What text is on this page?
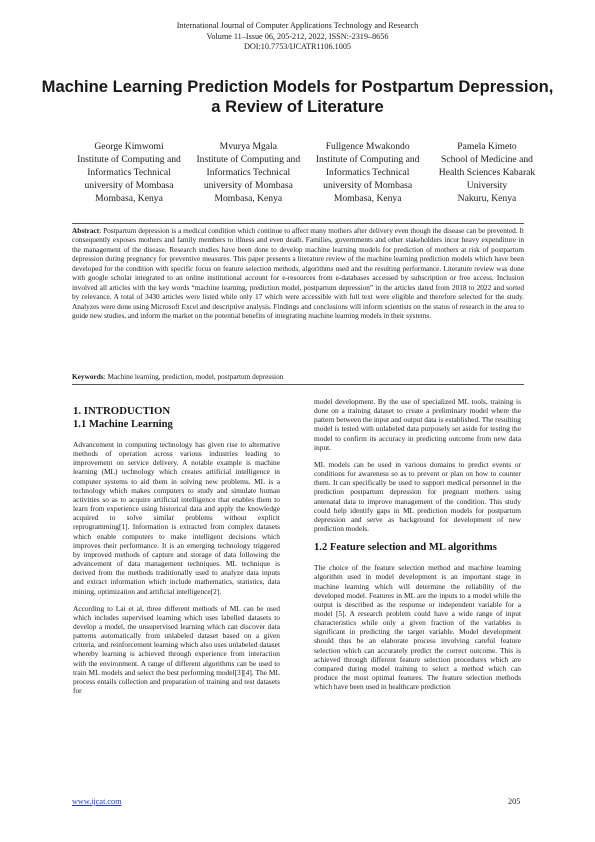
International Journal of Computer Applications Technology and Research
Volume 11–Issue 06, 205-212, 2022, ISSN:-2319–8656
DOI:10.7753/IJCATR1106.1005
Machine Learning Prediction Models for Postpartum Depression, a Review of Literature
George Kimwomi
Institute of Computing and Informatics Technical university of Mombasa
Mombasa, Kenya
Mvurya Mgala
Institute of Computing and Informatics Technical university of Mombasa
Mombasa, Kenya
Fullgence Mwakondo
Institute of Computing and Informatics Technical university of Mombasa
Mombasa, Kenya
Pamela Kimeto
School of Medicine and Health Sciences Kabarak University
Nakuru, Kenya

Abstract: Postpartum depression is a medical condition which continue to affect many mothers after delivery even though the disease can be prevented. It consequently exposes mothers and family members to illness and even death. Families, governments and other stakeholders incur heavy expenditure in the management of the disease. Research studies have been done to develop machine learning models for prediction of mothers at risk of postpartum depression during pregnancy for preventive measures. This paper presents a literature review of the machine learning prediction models which have been developed for the condition with specific focus on feature selection methods, algorithms used and the resulting performance. Literature review was done with google scholar integrated to an online institutional account for e-resources from e-databases accessed by subscription or free access. Inclusion involved all articles with the key words “machine learning, prediction model, postpartum depression” in the articles dated from 2018 to 2022 and sorted by relevance. A total of 3430 articles were listed while only 17 which were accessible with full text were eligible and therefore selected for the study. Analyzes were done using Microsoft Excel and descriptive analysis. Findings and conclusions will inform scientists on the status of research in the area to guide new studies, and inform the market on the potential benefits of integrating machine learning models in their systems.

Keywords: Machine learning, prediction, model, postpartum depression

1. INTRODUCTION
1.1 Machine Learning

Advancement in computing technology has given rise to alternative methods of operation across various industries leading to improvement on service delivery. A notable example is machine learning (ML) technology which creates artificial intelligence in computer systems to aid them in solving new problems. ML is a technology which makes computers to study and simulate human activities so as to acquire artificial intelligence that enables them to learn from experience using historical data and apply the knowledge acquired to solve similar problems without explicit reprogramming[1]. Information is extracted from complex datasets which enable computers to make intelligent decisions which improves their performance. It is an emerging technology triggered by improved methods of capture and storage of data following the advancement of data management techniques. ML technique is derived from the methods traditionally used to analyze data inputs and extract information which include mathematics, statistics, data mining, optimization and artificial intelligence[2].

According to Lai et al, three different methods of ML can be used which includes supervised learning which uses labelled datasets to develop a model, the unsupervised learning which can discover data patterns automatically from unlabeled dataset based on a given criteria, and reinforcement learning which also uses unlabeled dataset whereby learning is achieved through experience from interaction with the environment. A range of different algorithms can be used to train ML models and select the best performing model[3][4]. The ML process entails collection and preparation of training and test datasets for

model development. By the use of specialized ML tools, training is done on a training dataset to create a preliminary model where the pattern between the input and output data is established. The resulting model is tested with unlabeled data purposely set aside for testing the model to confirm its accuracy in predicting outcome from new data input.

ML models can be used in various domains to predict events or conditions for awareness so as to prevent or plan on how to counter them. It can specifically be used to support medical personnel in the prediction postpartum depression for pregnant mothers using antenatal data to improve management of the condition. This study could help identify gaps in ML prediction models for postpartum depression and serve as background for development of new prediction models.

1.2 Feature selection and ML algorithms

The choice of the feature selection method and machine learning algorithm used in model development is an important stage in machine learning which will determine the reliability of the developed model. Features in ML are the inputs to a model while the output is described as the response or independent variable for a model [5]. A research problem could have a wide range of input characteristics while only a given fraction of the variables is significant in predicting the target variable. Model development should thus be an elaborate process involving careful feature selection which can accurately predict the correct outcome. This is achieved through different feature selection procedures which are compared during model training to select a method which can produce the most optimal features. The feature selection methods which have been used in healthcare prediction

www.ijcat.com	205
